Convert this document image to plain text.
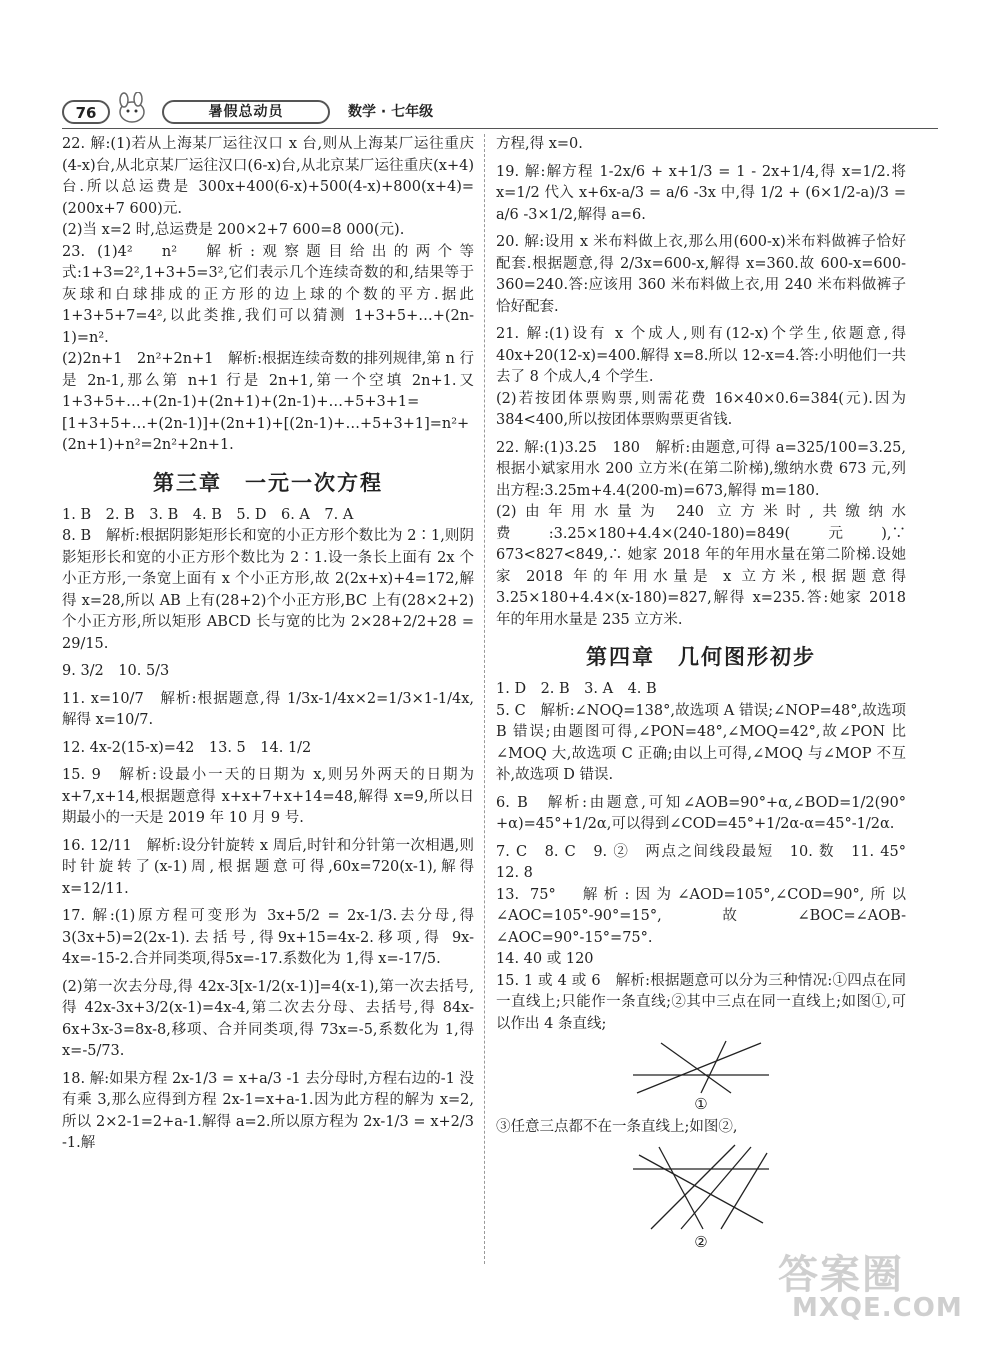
76	暑假总动员	数学 · 七年级

22. 解:(1)若从上海某厂运往汉口 x 台,则从上海某厂运往重庆(4-x)台,从北京某厂运往汉口(6-x)台,从北京某厂运往重庆(x+4)台.所以总运费是 300x+400(6-x)+500(4-x)+800(x+4)=(200x+7 600)元.

(2)当 x=2 时,总运费是 200×2+7 600=8 000(元).

23. (1)4²　n²　解析:观察题目给出的两个等式:1+3=2²,1+3+5=3²,它们表示几个连续奇数的和,结果等于灰球和白球排成的正方形的边上球的个数的平方.据此 1+3+5+7=4²,以此类推,我们可以猜测 1+3+5+…+(2n-1)=n².

(2)2n+1　2n²+2n+1　解析:根据连续奇数的排列规律,第 n 行是 2n-1,那么第 n+1 行是 2n+1,第一个空填 2n+1.又 1+3+5+…+(2n-1)+(2n+1)+(2n-1)+…+5+3+1=[1+3+5+…+(2n-1)]+(2n+1)+[(2n-1)+…+5+3+1]=n²+(2n+1)+n²=2n²+2n+1.

第三章　一元一次方程

1. B　2. B　3. B　4. B　5. D　6. A　7. A

8. B　解析:根据阴影矩形长和宽的小正方形个数比为 2∶1,则阴影矩形长和宽的小正方形个数比为 2∶1.设一条长上面有 2x 个小正方形,一条宽上面有 x 个小正方形,故 2(2x+x)+4=172,解得 x=28,所以 AB 上有(28+2)个小正方形,BC 上有(28×2+2)个小正方形,所以矩形 ABCD 长与宽的比为 2×28+2/2+28 = 29/15.

9. 3/2　10. 5/3

11. x=10/7　解析:根据题意,得 1/3x-1/4x×2=1/3×1-1/4x,解得 x=10/7.

12. 4x-2(15-x)=42　13. 5　14. 1/2

15. 9　解析:设最小一天的日期为 x,则另外两天的日期为 x+7,x+14,根据题意得 x+x+7+x+14=48,解得 x=9,所以日期最小的一天是 2019 年 10 月 9 号.

16. 12/11　解析:设分针旋转 x 周后,时针和分针第一次相遇,则时针旋转了(x-1)周,根据题意可得,60x=720(x-1),解得 x=12/11.

17. 解:(1)原方程可变形为 3x+5/2 = 2x-1/3.去分母,得 3(3x+5)=2(2x-1).去括号,得9x+15=4x-2.移项,得 9x-4x=-15-2.合并同类项,得5x=-17.系数化为 1,得 x=-17/5.

(2)第一次去分母,得 42x-3[x-1/2(x-1)]=4(x-1),第一次去括号,得 42x-3x+3/2(x-1)=4x-4,第二次去分母、去括号,得 84x-6x+3x-3=8x-8,移项、合并同类项,得 73x=-5,系数化为 1,得 x=-5/73.

18. 解:如果方程 2x-1/3 = x+a/3 -1 去分母时,方程右边的-1 没有乘 3,那么应得到方程 2x-1=x+a-1.因为此方程的解为 x=2,所以 2×2-1=2+a-1.解得 a=2.所以原方程为 2x-1/3 = x+2/3 -1.解

方程,得 x=0.

19. 解:解方程 1-2x/6 + x+1/3 = 1 - 2x+1/4,得 x=1/2.将 x=1/2 代入 x+6x-a/3 = a/6 -3x 中,得 1/2 + (6×1/2-a)/3 = a/6 -3×1/2,解得 a=6.

20. 解:设用 x 米布料做上衣,那么用(600-x)米布料做裤子恰好配套.根据题意,得 2/3x=600-x,解得 x=360.故 600-x=600-360=240.答:应该用 360 米布料做上衣,用 240 米布料做裤子恰好配套.

21. 解:(1)设有 x 个成人,则有(12-x)个学生,依题意,得 40x+20(12-x)=400.解得 x=8.所以 12-x=4.答:小明他们一共去了 8 个成人,4 个学生.

(2)若按团体票购票,则需花费 16×40×0.6=384(元).因为 384<400,所以按团体票购票更省钱.

22. 解:(1)3.25　180　解析:由题意,可得 a=325/100=3.25,根据小斌家用水 200 立方米(在第二阶梯),缴纳水费 673 元,列出方程:3.25m+4.4(200-m)=673,解得 m=180.

(2)由年用水量为 240 立方米时,共缴纳水费:3.25×180+4.4×(240-180)=849(元),∵ 673<827<849,∴ 她家 2018 年的年用水量在第二阶梯.设她家 2018 年的年用水量是 x 立方米,根据题意得 3.25×180+4.4×(x-180)=827,解得 x=235.答:她家 2018 年的年用水量是 235 立方米.

第四章　几何图形初步

1. D　2. B　3. A　4. B

5. C　解析:∠NOQ=138°,故选项 A 错误;∠NOP=48°,故选项 B 错误;由题图可得,∠PON=48°,∠MOQ=42°,故∠PON 比∠MOQ 大,故选项 C 正确;由以上可得,∠MOQ 与∠MOP 不互补,故选项 D 错误.

6. B　解析:由题意,可知∠AOB=90°+α,∠BOD=1/2(90°+α)=45°+1/2α,可以得到∠COD=45°+1/2α-α=45°-1/2α.

7. C　8. C　9. ②　两点之间线段最短　10. 数　11. 45°　12. 8

13. 75°　解析:因为∠AOD=105°,∠COD=90°,所以∠AOC=105°-90°=15°,故∠BOC=∠AOB-∠AOC=90°-15°=75°.

14. 40 或 120

15. 1 或 4 或 6　解析:根据题意可以分为三种情况:①四点在同一直线上;只能作一条直线;②其中三点在同一直线上;如图①,可以作出 4 条直线;

①

③任意三点都不在一条直线上;如图②,

②
答案圈
MXQE.COM
